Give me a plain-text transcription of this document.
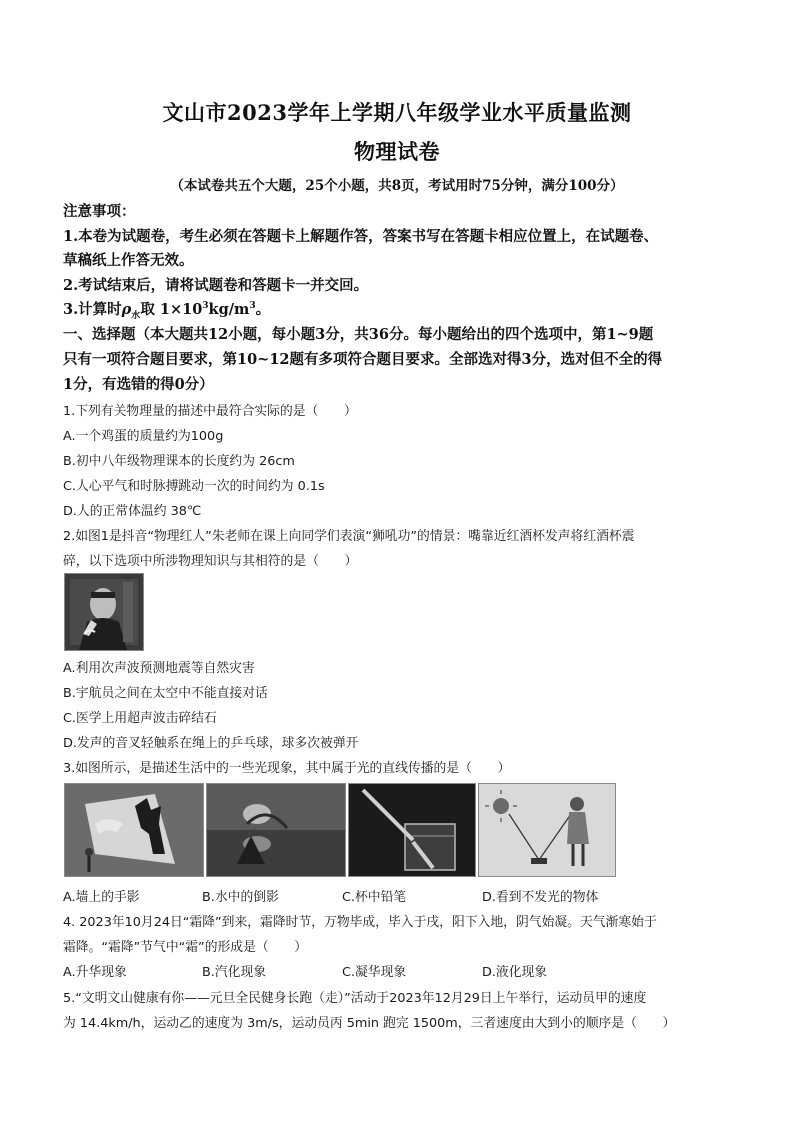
文山市2023学年上学期八年级学业水平质量监测
物理试卷
（本试卷共五个大题，25个小题，共8页，考试用时75分钟，满分100分）
注意事项：
1.本卷为试题卷，考生必须在答题卡上解题作答，答案书写在答题卡相应位置上，在试题卷、
草稿纸上作答无效。
2.考试结束后，请将试题卷和答题卡一并交回。
3.计算时$\rho_水$取 $1\times 10^3kg/m^3$。
一、选择题（本大题共12小题，每小题3分，共36分。每小题给出的四个选项中，第1~9题
只有一项符合题目要求，第10~12题有多项符合题目要求。全部选对得3分，选对但不全的得
1分，有选错的得0分）
1.下列有关物理量的描述中最符合实际的是（　　）
A.一个鸡蛋的质量约为100g
B.初中八年级物理课本的长度约为 26cm
C.人心平气和时脉搏跳动一次的时间约为 0.1s
D.人的正常体温约 38℃
2.如图1是抖音“物理红人”朱老师在课上向同学们表演“狮吼功”的情景：嘴靠近红酒杯发声将红酒杯震
碎，以下选项中所涉物理知识与其相符的是（　　）
A.利用次声波预测地震等自然灾害
B.宇航员之间在太空中不能直接对话
C.医学上用超声波击碎结石
D.发声的音叉轻触系在绳上的乒乓球，球多次被弹开
3.如图所示，是描述生活中的一些光现象，其中属于光的直线传播的是（　　）
A.墙上的手影	B.水中的倒影	C.杯中铅笔	D.看到不发光的物体
4. 2023年10月24日“霜降”到来，霜降时节，万物毕成，毕入于戌，阳下入地，阴气始凝。天气渐寒始于
霜降。“霜降”节气中“霜”的形成是（　　）
A.升华现象	B.汽化现象	C.凝华现象	D.液化现象
5.“文明文山健康有你——元旦全民健身长跑（走）”活动于2023年12月29日上午举行，运动员甲的速度
为 14.4km/h，运动乙的速度为 3m/s，运动员丙 5min 跑完 1500m，三者速度由大到小的顺序是（　　）
